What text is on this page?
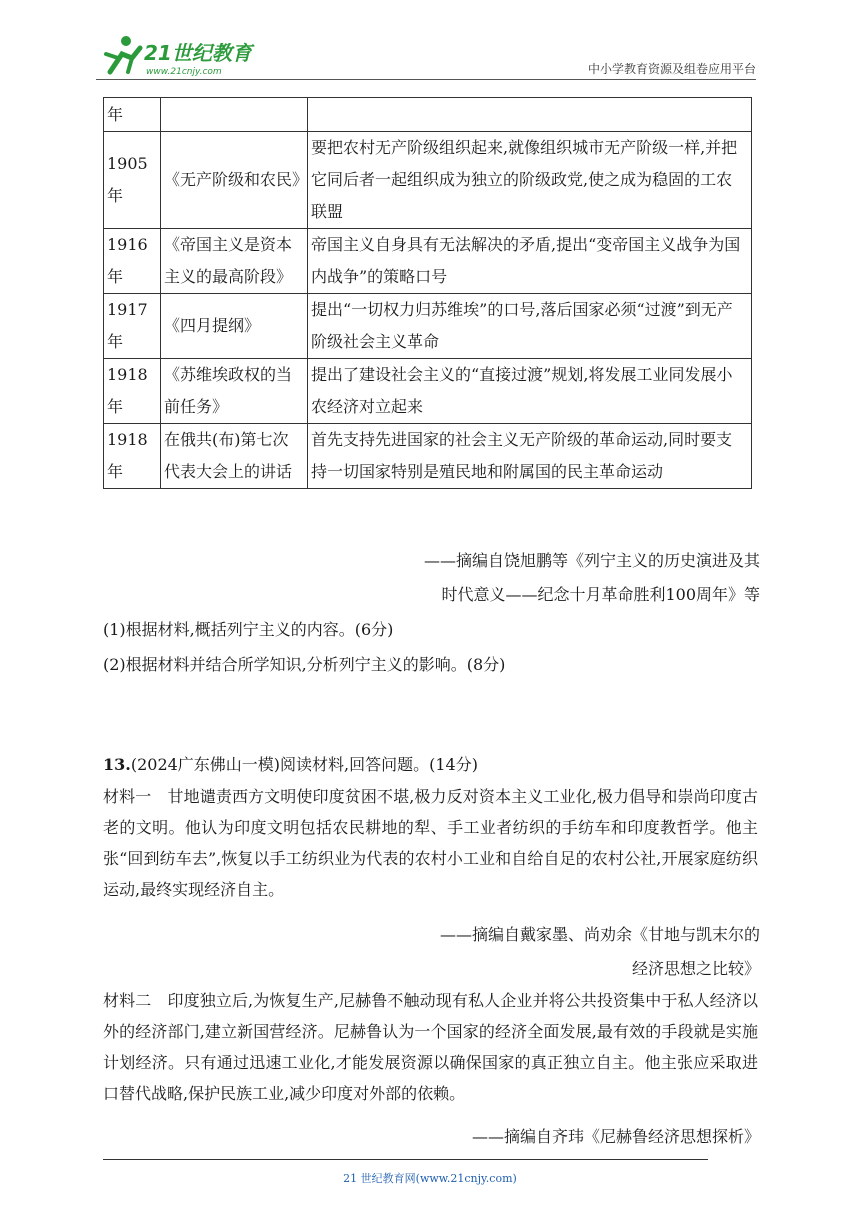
21世纪教育
www.21cnjy.com	中小学教育资源及组卷应用平台
年		
1905年	《无产阶级和农民》	要把农村无产阶级组织起来,就像组织城市无产阶级一样,并把它同后者一起组织成为独立的阶级政党,使之成为稳固的工农联盟
1916年	《帝国主义是资本主义的最高阶段》	帝国主义自身具有无法解决的矛盾,提出“变帝国主义战争为国内战争”的策略口号
1917年	《四月提纲》	提出“一切权力归苏维埃”的口号,落后国家必须“过渡”到无产阶级社会主义革命
1918年	《苏维埃政权的当前任务》	提出了建设社会主义的“直接过渡”规划,将发展工业同发展小农经济对立起来
1918年	在俄共(布)第七次代表大会上的讲话	首先支持先进国家的社会主义无产阶级的革命运动,同时要支持一切国家特别是殖民地和附属国的民主革命运动
——摘编自饶旭鹏等《列宁主义的历史演进及其
时代意义——纪念十月革命胜利100周年》等
(1)根据材料,概括列宁主义的内容。(6分)
(2)根据材料并结合所学知识,分析列宁主义的影响。(8分)
13.(2024广东佛山一模)阅读材料,回答问题。(14分)
材料一 甘地谴责西方文明使印度贫困不堪,极力反对资本主义工业化,极力倡导和崇尚印度古老的文明。他认为印度文明包括农民耕地的犁、手工业者纺织的手纺车和印度教哲学。他主张“回到纺车去”,恢复以手工纺织业为代表的农村小工业和自给自足的农村公社,开展家庭纺织运动,最终实现经济自主。
——摘编自戴家墨、尚劝余《甘地与凯末尔的
经济思想之比较》
材料二 印度独立后,为恢复生产,尼赫鲁不触动现有私人企业并将公共投资集中于私人经济以外的经济部门,建立新国营经济。尼赫鲁认为一个国家的经济全面发展,最有效的手段就是实施计划经济。只有通过迅速工业化,才能发展资源以确保国家的真正独立自主。他主张应采取进口替代战略,保护民族工业,减少印度对外部的依赖。
——摘编自齐玮《尼赫鲁经济思想探析》
21 世纪教育网(www.21cnjy.com)
